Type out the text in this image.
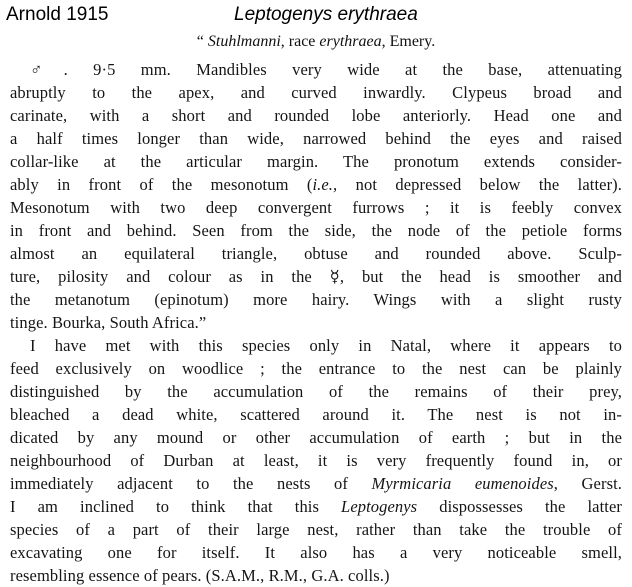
Arnold 1915	Leptogenys erythraea
“ Stuhlmanni, race erythraea, Emery.
♂. 9·5 mm. Mandibles very wide at the base, attenuating
abruptly to the apex, and curved inwardly. Clypeus broad and
carinate, with a short and rounded lobe anteriorly. Head one and
a half times longer than wide, narrowed behind the eyes and raised
collar-like at the articular margin. The pronotum extends consider-
ably in front of the mesonotum (i.e., not depressed below the latter).
Mesonotum with two deep convergent furrows ; it is feebly convex
in front and behind. Seen from the side, the node of the petiole forms
almost an equilateral triangle, obtuse and rounded above. Sculp-
ture, pilosity and colour as in the ☿, but the head is smoother and
the metanotum (epinotum) more hairy. Wings with a slight rusty
tinge. Bourka, South Africa.”
I have met with this species only in Natal, where it appears to
feed exclusively on woodlice ; the entrance to the nest can be plainly
distinguished by the accumulation of the remains of their prey,
bleached a dead white, scattered around it. The nest is not in-
dicated by any mound or other accumulation of earth ; but in the
neighbourhood of Durban at least, it is very frequently found in, or
immediately adjacent to the nests of Myrmicaria eumenoides, Gerst.
I am inclined to think that this Leptogenys dispossesses the latter
species of a part of their large nest, rather than take the trouble of
excavating one for itself. It also has a very noticeable smell,
resembling essence of pears. (S.A.M., R.M., G.A. colls.)
